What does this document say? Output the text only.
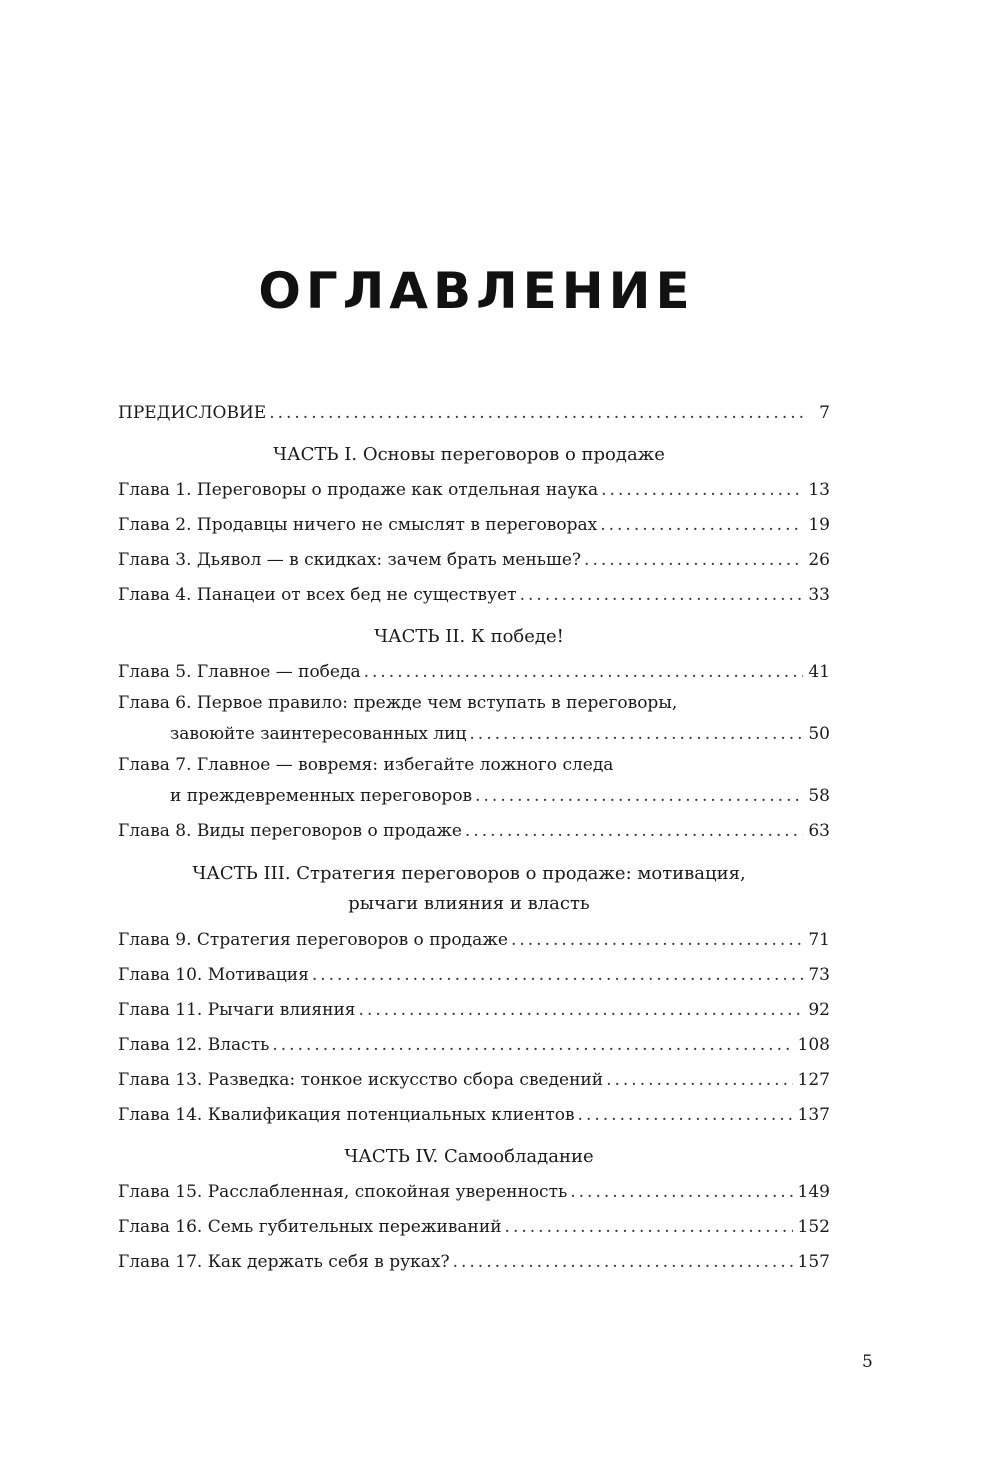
ОГЛАВЛЕНИЕ
ПРЕДИСЛОВИЕ .....	7
ЧАСТЬ I. Основы переговоров о продаже
Глава 1. Переговоры о продаже как отдельная наука .....	13
Глава 2. Продавцы ничего не смыслят в переговорах .....	19
Глава 3. Дьявол — в скидках: зачем брать меньше? .....	26
Глава 4. Панацеи от всех бед не существует .....	33
ЧАСТЬ II. К победе!
Глава 5. Главное — победа .....	41
Глава 6. Первое правило: прежде чем вступать в переговоры,
завоюйте заинтересованных лиц .....	50
Глава 7. Главное — вовремя: избегайте ложного следа
и преждевременных переговоров .....	58
Глава 8. Виды переговоров о продаже .....	63
ЧАСТЬ III. Стратегия переговоров о продаже: мотивация,
рычаги влияния и власть
Глава 9. Стратегия переговоров о продаже .....	71
Глава 10. Мотивация .....	73
Глава 11. Рычаги влияния .....	92
Глава 12. Власть .....	108
Глава 13. Разведка: тонкое искусство сбора сведений .....	127
Глава 14. Квалификация потенциальных клиентов .....	137
ЧАСТЬ IV. Самообладание
Глава 15. Расслабленная, спокойная уверенность .....	149
Глава 16. Семь губительных переживаний .....	152
Глава 17. Как держать себя в руках? .....	157
5
